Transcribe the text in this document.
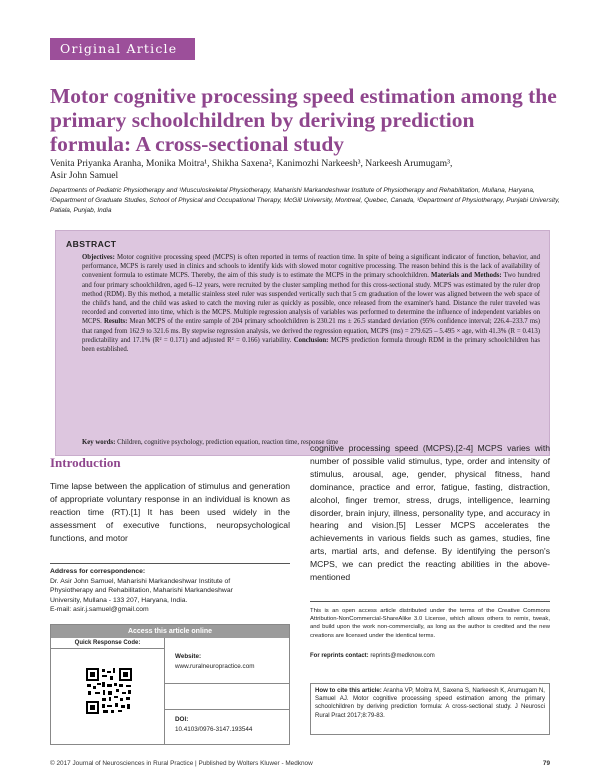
Original Article
Motor cognitive processing speed estimation among the primary schoolchildren by deriving prediction formula: A cross-sectional study
Venita Priyanka Aranha, Monika Moitra¹, Shikha Saxena², Kanimozhi Narkeesh³, Narkeesh Arumugam³,
Asir John Samuel
Departments of Pediatric Physiotherapy and ¹Musculoskeletal Physiotherapy, Maharishi Markandeshwar Institute of Physiotherapy and Rehabilitation, Mullana, Haryana, ²Department of Graduate Studies, School of Physical and Occupational Therapy, McGill University, Montreal, Quebec, Canada, ³Department of Physiotherapy, Punjabi University, Patiala, Punjab, India
ABSTRACT
Objectives: Motor cognitive processing speed (MCPS) is often reported in terms of reaction time. In spite of being a significant indicator of function, behavior, and performance, MCPS is rarely used in clinics and schools to identify kids with slowed motor cognitive processing. The reason behind this is the lack of availability of convenient formula to estimate MCPS. Thereby, the aim of this study is to estimate the MCPS in the primary schoolchildren. Materials and Methods: Two hundred and four primary schoolchildren, aged 6–12 years, were recruited by the cluster sampling method for this cross-sectional study. MCPS was estimated by the ruler drop method (RDM). By this method, a metallic stainless steel ruler was suspended vertically such that 5 cm graduation of the lower was aligned between the web space of the child's hand, and the child was asked to catch the moving ruler as quickly as possible, once released from the examiner's hand. Distance the ruler traveled was recorded and converted into time, which is the MCPS. Multiple regression analysis of variables was performed to determine the influence of independent variables on MCPS. Results: Mean MCPS of the entire sample of 204 primary schoolchildren is 230.21 ms ± 26.5 standard deviation (95% confidence interval; 226.4–233.7 ms) that ranged from 162.9 to 321.6 ms. By stepwise regression analysis, we derived the regression equation, MCPS (ms) = 279.625 – 5.495 × age, with 41.3% (R = 0.413) predictability and 17.1% (R² = 0.171) and adjusted R² = 0.166) variability. Conclusion: MCPS prediction formula through RDM in the primary schoolchildren has been established.
Key words: Children, cognitive psychology, prediction equation, reaction time, response time
Introduction

Time lapse between the application of stimulus and generation of appropriate voluntary response in an individual is known as reaction time (RT).[1] It has been used widely in the assessment of executive functions, neuropsychological functions, and motor

cognitive processing speed (MCPS).[2-4] MCPS varies with number of possible valid stimulus, type, order and intensity of stimulus, arousal, age, gender, physical fitness, hand dominance, practice and error, fatigue, fasting, distraction, alcohol, finger tremor, stress, drugs, intelligence, learning disorder, brain injury, illness, personality type, and accuracy in hearing and vision.[5] Lesser MCPS accelerates the achievements in various fields such as games, studies, fine arts, martial arts, and defense. By identifying the person's MCPS, we can predict the reacting abilities in the above-mentioned

Address for correspondence:
Dr. Asir John Samuel, Maharishi Markandeshwar Institute of
Physiotherapy and Rehabilitation, Maharishi Markandeshwar
University, Mullana - 133 207, Haryana, India.
E-mail: asir.j.samuel@gmail.com
Access this article online
Quick Response Code:
Website:
www.ruralneuropractice.com
DOI:
10.4103/0976-3147.193544

This is an open access article distributed under the terms of the Creative Commons Attribution-NonCommercial-ShareAlike 3.0 License, which allows others to remix, tweak, and build upon the work non-commercially, as long as the author is credited and the new creations are licensed under the identical terms.

For reprints contact: reprints@medknow.com
How to cite this article: Aranha VP, Moitra M, Saxena S, Narkeesh K, Arumugam N, Samuel AJ. Motor cognitive processing speed estimation among the primary schoolchildren by deriving prediction formula: A cross-sectional study. J Neurosci Rural Pract 2017;8:79-83.
© 2017 Journal of Neurosciences in Rural Practice | Published by Wolters Kluwer - Medknow	79
